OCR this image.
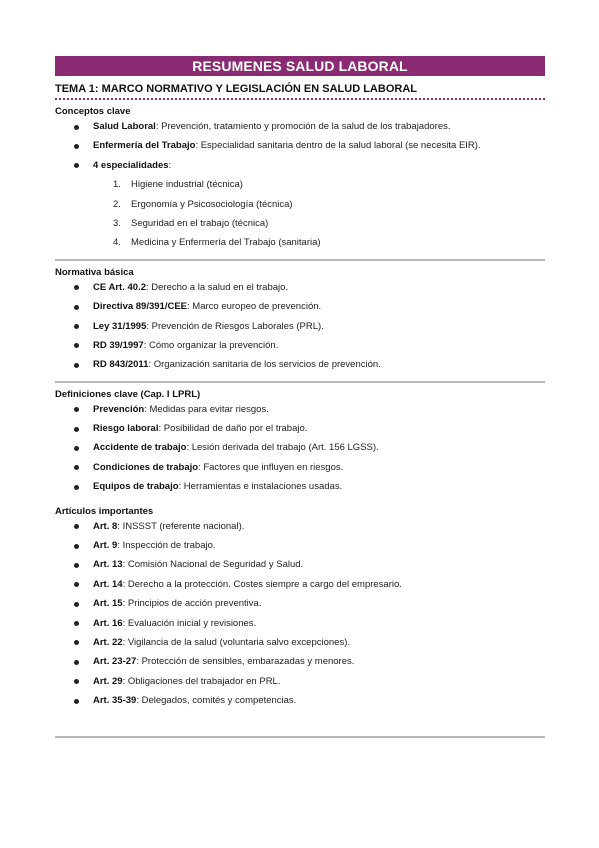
RESUMENES SALUD LABORAL
TEMA 1: MARCO NORMATIVO Y LEGISLACIÓN EN SALUD LABORAL
Conceptos clave
Salud Laboral: Prevención, tratamiento y promoción de la salud de los trabajadores.
Enfermería del Trabajo: Especialidad sanitaria dentro de la salud laboral (se necesita EIR).
4 especialidades:
1. Higiene industrial (técnica)
2. Ergonomía y Psicosociología (técnica)
3. Seguridad en el trabajo (técnica)
4. Medicina y Enfermería del Trabajo (sanitaria)
Normativa básica
CE Art. 40.2: Derecho a la salud en el trabajo.
Directiva 89/391/CEE: Marco europeo de prevención.
Ley 31/1995: Prevención de Riesgos Laborales (PRL).
RD 39/1997: Cómo organizar la prevención.
RD 843/2011: Organización sanitaria de los servicios de prevención.
Definiciones clave (Cap. I LPRL)
Prevención: Medidas para evitar riesgos.
Riesgo laboral: Posibilidad de daño por el trabajo.
Accidente de trabajo: Lesión derivada del trabajo (Art. 156 LGSS).
Condiciones de trabajo: Factores que influyen en riesgos.
Equipos de trabajo: Herramientas e instalaciones usadas.
Artículos importantes
Art. 8: INSSST (referente nacional).
Art. 9: Inspección de trabajo.
Art. 13: Comisión Nacional de Seguridad y Salud.
Art. 14: Derecho a la protección. Costes siempre a cargo del empresario.
Art. 15: Principios de acción preventiva.
Art. 16: Evaluación inicial y revisiones.
Art. 22: Vigilancia de la salud (voluntaria salvo excepciones).
Art. 23-27: Protección de sensibles, embarazadas y menores.
Art. 29: Obligaciones del trabajador en PRL.
Art. 35-39: Delegados, comités y competencias.
